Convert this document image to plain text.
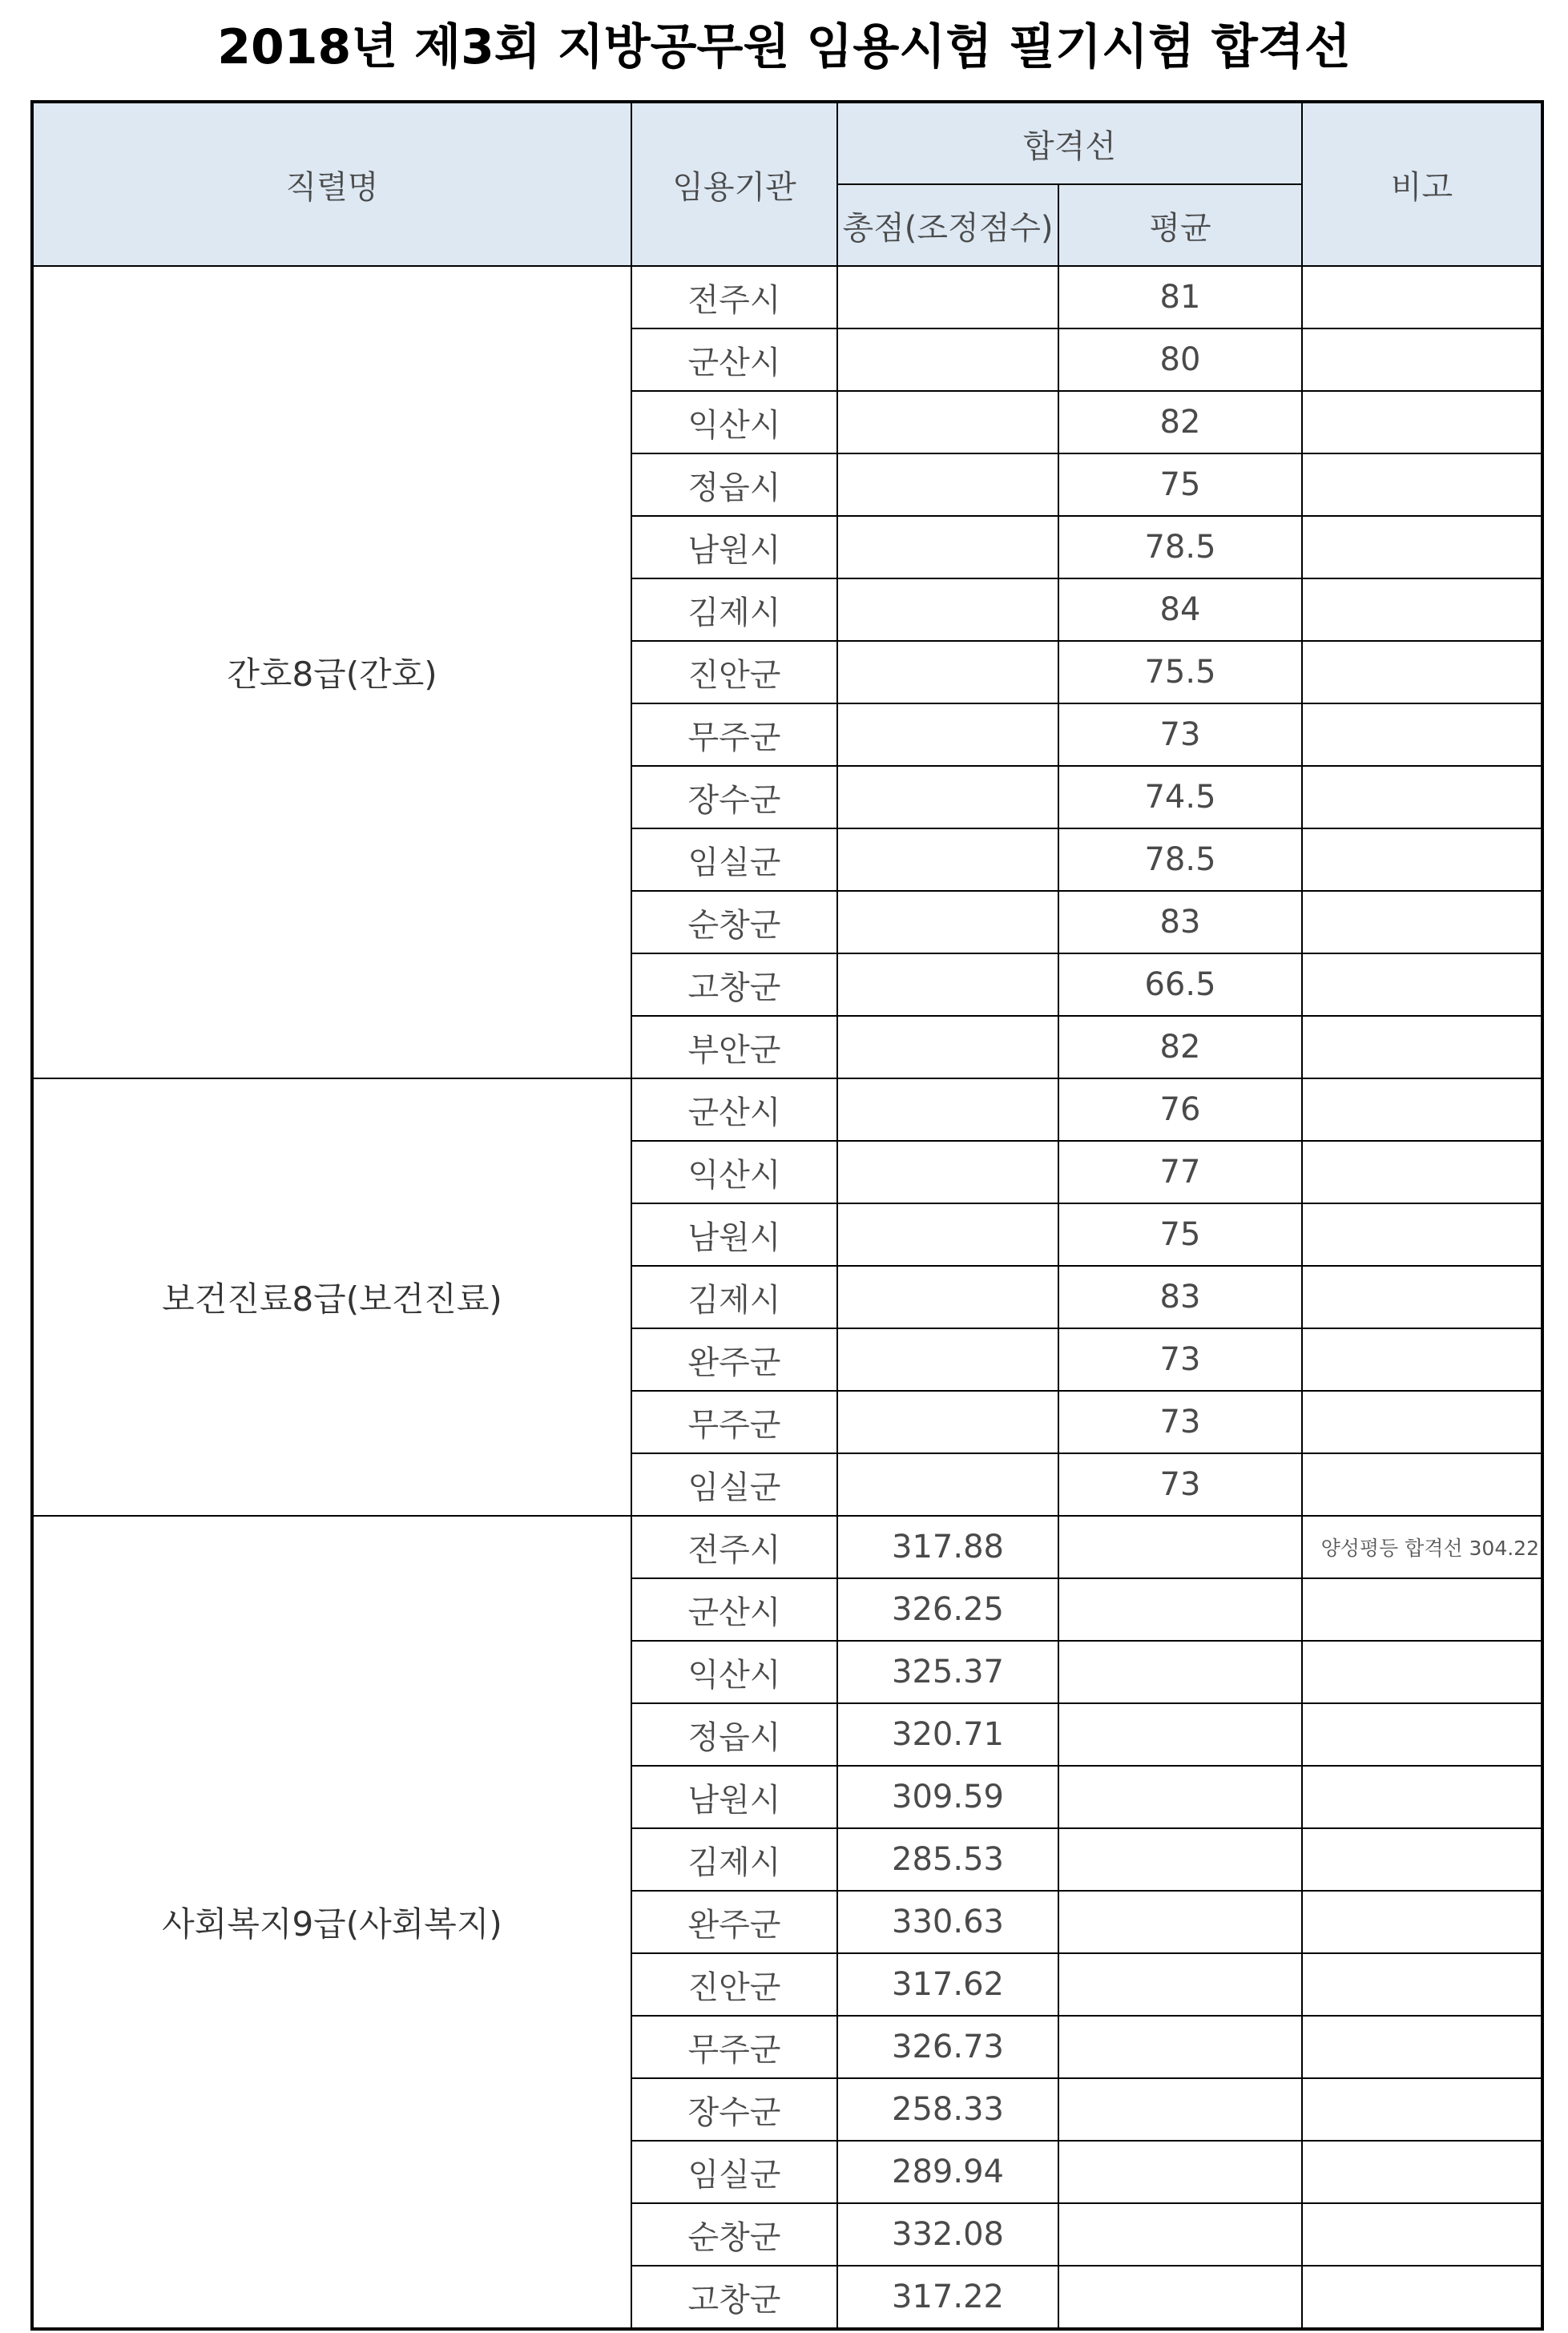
2018년 제3회 지방공무원 임용시험 필기시험 합격선
직렬명	임용기관	합격선		비고
		총점(조정점수)	평균	
간호8급(간호)	전주시		81	
	군산시		80	
	익산시		82	
	정읍시		75	
	남원시		78.5	
	김제시		84	
	진안군		75.5	
	무주군		73	
	장수군		74.5	
	임실군		78.5	
	순창군		83	
	고창군		66.5	
	부안군		82	
보건진료8급(보건진료)	군산시		76	
	익산시		77	
	남원시		75	
	김제시		83	
	완주군		73	
	무주군		73	
	임실군		73	
사회복지9급(사회복지)	전주시	317.88		양성평등 합격선 304.22
	군산시	326.25		
	익산시	325.37		
	정읍시	320.71		
	남원시	309.59		
	김제시	285.53		
	완주군	330.63		
	진안군	317.62		
	무주군	326.73		
	장수군	258.33		
	임실군	289.94		
	순창군	332.08		
	고창군	317.22		
